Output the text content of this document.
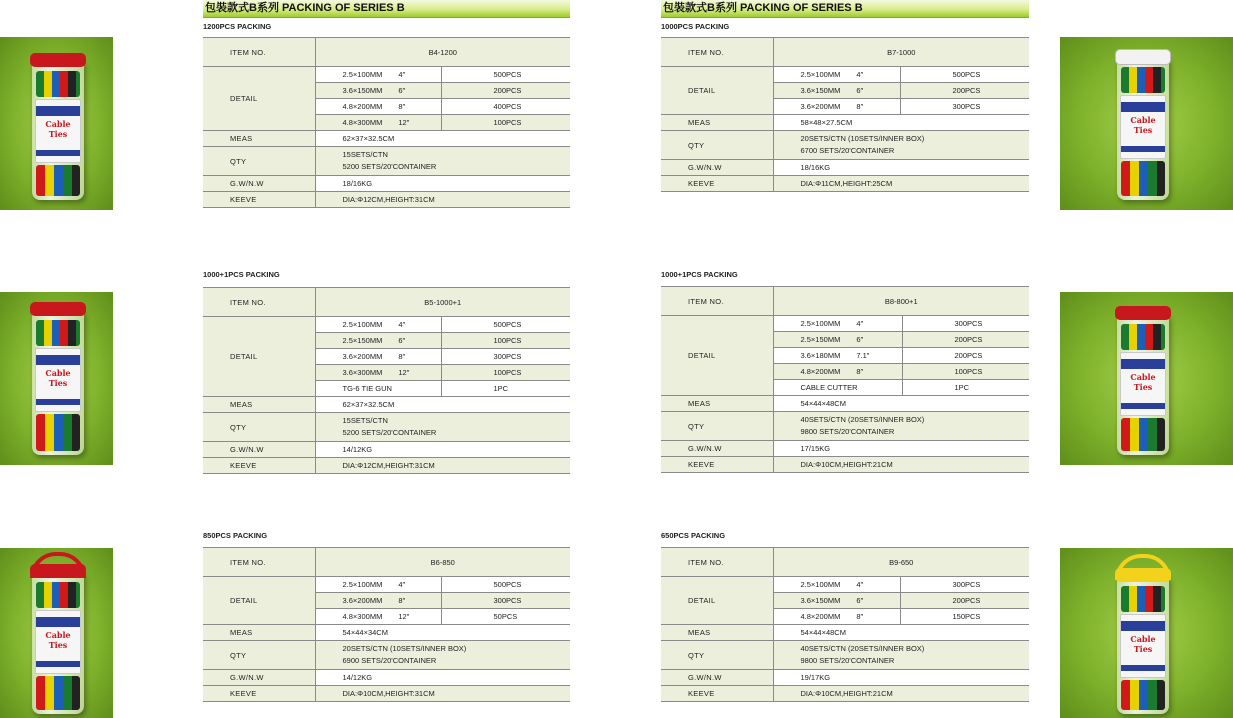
包裝款式B系列 PACKING OF SERIES B	包裝款式B系列 PACKING OF SERIES B
Cable Ties
Cable Ties
Cable Ties
Cable Ties
Cable Ties
Cable Ties
1200PCS PACKING
ITEM NO.	B4-1200	
DETAIL	2.5×100MM 4″	500PCS
	3.6×150MM 6″	200PCS
	4.8×200MM 8″	400PCS
	4.8×300MM 12″	100PCS
MEAS	62×37×32.5CM	
QTY	15SETS/CTN
5200 SETS/20'CONTAINER	

G.W/N.W	18/16KG	
KEEVE	DIA:Φ12CM,HEIGHT:31CM	
1000PCS PACKING
ITEM NO.	B7-1000	
DETAIL	2.5×100MM 4″	500PCS
	3.6×150MM 6″	200PCS
	3.6×200MM 8″	300PCS
MEAS	58×48×27.5CM	
QTY	20SETS/CTN (10SETS/INNER BOX)
6700 SETS/20'CONTAINER	

G.W/N.W	18/16KG	
KEEVE	DIA:Φ11CM,HEIGHT:25CM	
1000+1PCS PACKING
ITEM NO.	B5-1000+1	
DETAIL	2.5×100MM 4″	500PCS
	2.5×150MM 6″	100PCS
	3.6×200MM 8″	300PCS
	3.6×300MM 12″	100PCS
	TG-6 TIE GUN	1PC
MEAS	62×37×32.5CM	
QTY	15SETS/CTN
5200 SETS/20'CONTAINER	

G.W/N.W	14/12KG	
KEEVE	DIA:Φ12CM,HEIGHT:31CM	
1000+1PCS PACKING
ITEM NO.	B8-800+1	
DETAIL	2.5×100MM 4″	300PCS
	2.5×150MM 6″	200PCS
	3.6×180MM 7.1″	200PCS
	4.8×200MM 8″	100PCS
	CABLE CUTTER	1PC
MEAS	54×44×48CM	
QTY	40SETS/CTN (20SETS/INNER BOX)
9800 SETS/20'CONTAINER	

G.W/N.W	17/15KG	
KEEVE	DIA:Φ10CM,HEIGHT:21CM	
850PCS PACKING
ITEM NO.	B6-850	
DETAIL	2.5×100MM 4″	500PCS
	3.6×200MM 8″	300PCS
	4.8×300MM 12″	50PCS
MEAS	54×44×34CM	
QTY	20SETS/CTN (10SETS/INNER BOX)
6900 SETS/20'CONTAINER	

G.W/N.W	14/12KG	
KEEVE	DIA:Φ10CM,HEIGHT:31CM	
650PCS PACKING
ITEM NO.	B9-650	
DETAIL	2.5×100MM 4″	300PCS
	3.6×150MM 6″	200PCS
	4.8×200MM 8″	150PCS
MEAS	54×44×48CM	
QTY	40SETS/CTN (20SETS/INNER BOX)
9800 SETS/20'CONTAINER	

G.W/N.W	19/17KG	
KEEVE	DIA:Φ10CM,HEIGHT:21CM	
